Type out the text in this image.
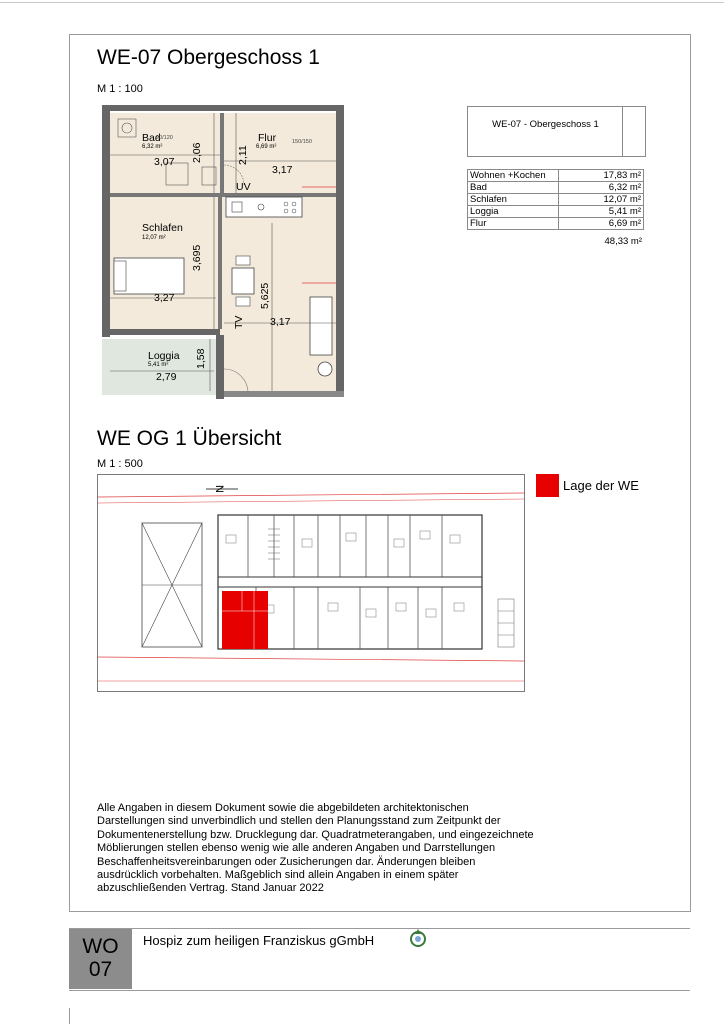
WE-07 Obergeschoss 1
M 1 : 100
Bad
6,32 m²
90/120
3,07 2,06
Flur
6,69 m²
150/150
3,17
2,11
UV
Schlafen
12,07 m²
3,27
3,695
5,625
3,17
TV
Loggia
5,41 m²
2,79
1,58
WE-07 - Obergeschoss 1
Wohnen +Kochen	17,83 m²
Bad	6,32 m²
Schlafen	12,07 m²
Loggia	5,41 m²
Flur	6,69 m²
48,33 m²
WE OG 1 Übersicht
M 1 : 500
N	Lage der WE
Alle Angaben in diesem Dokument sowie die abgebildeten architektonischen Darstellungen sind unverbindlich und stellen den Planungsstand zum Zeitpunkt der Dokumentenerstellung bzw. Drucklegung dar. Quadratmeterangaben, und eingezeichnete Möblierungen stellen ebenso wenig wie alle anderen Angaben und Darrstellungen Beschaffenheitsvereinbarungen oder Zusicherungen dar. Änderungen bleiben ausdrücklich vorbehalten. Maßgeblich sind allein Angaben in einem später abzuschließenden Vertrag. Stand Januar 2022
WO
07
Hospiz zum heiligen Franziskus gGmbH
